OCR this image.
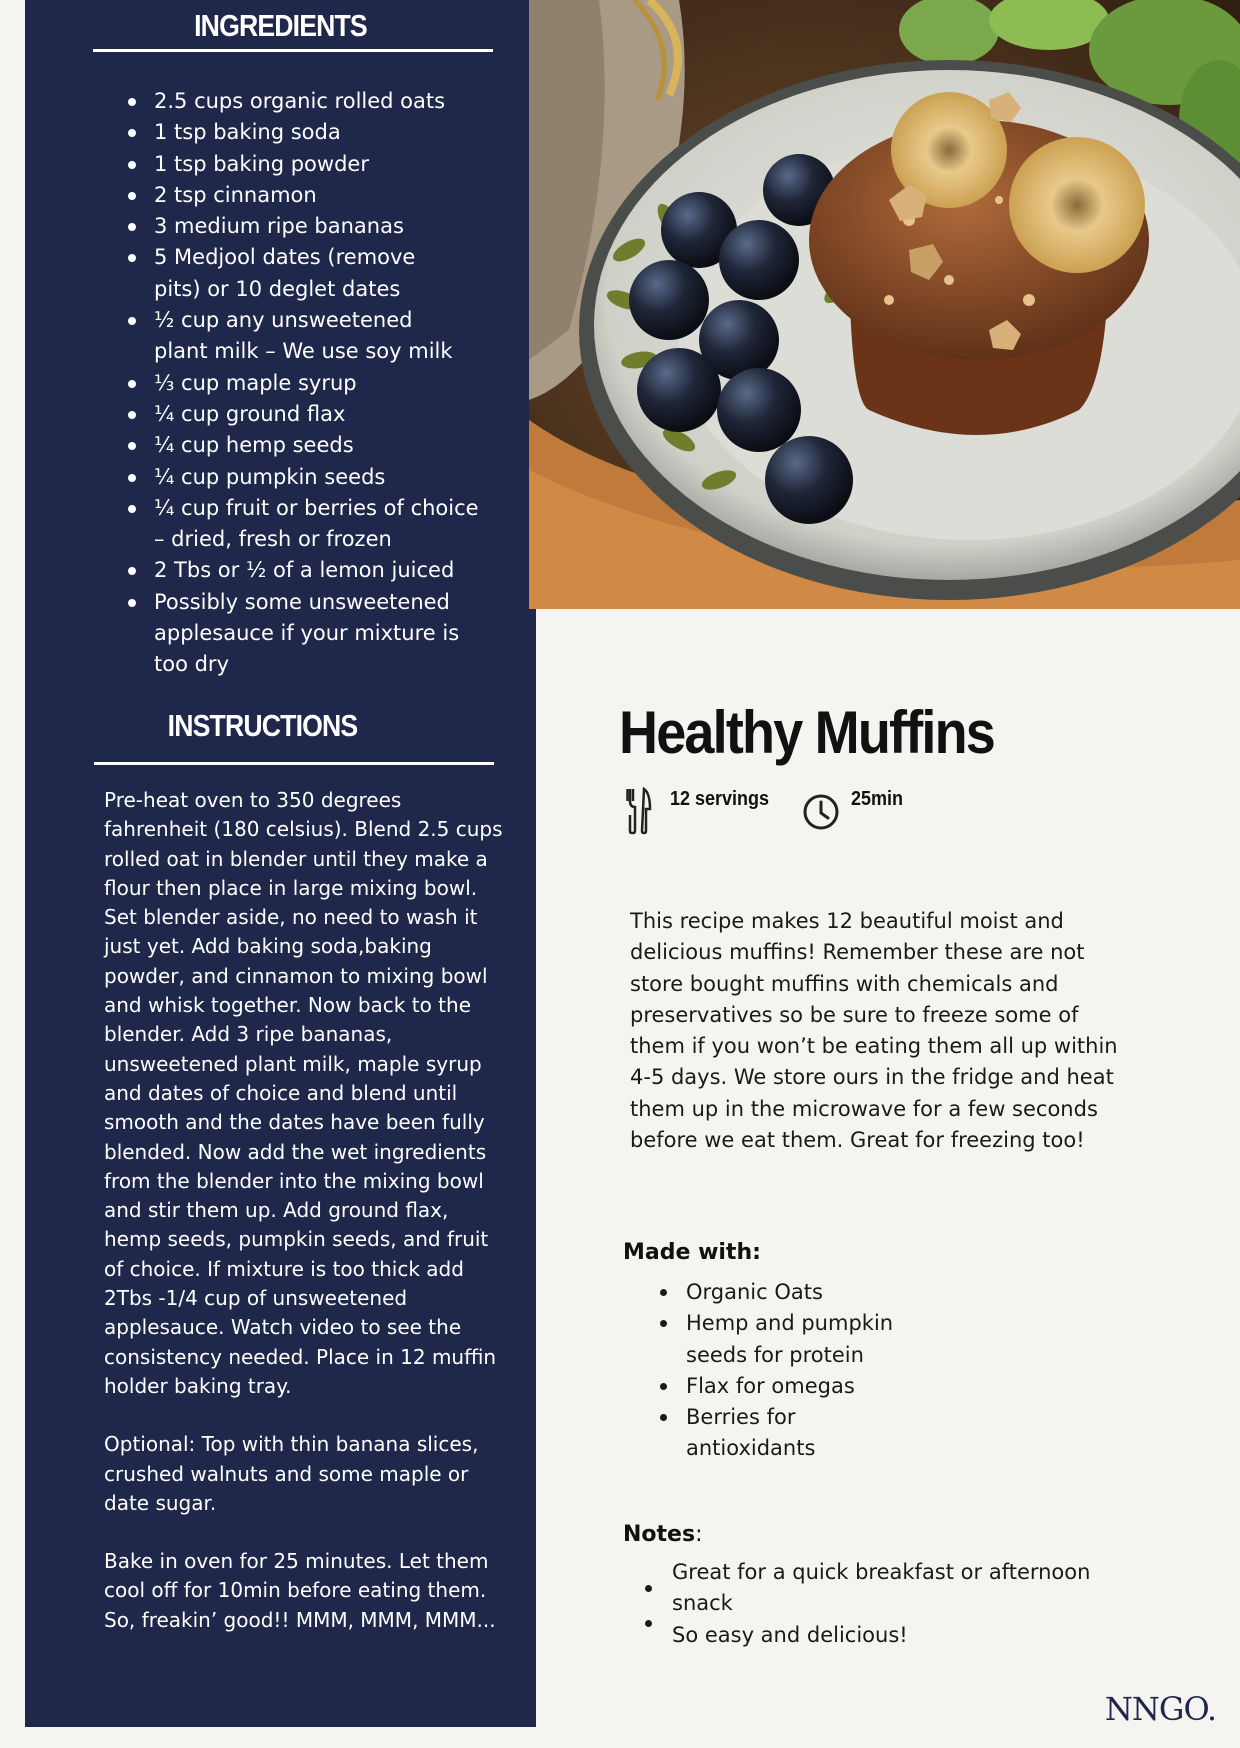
INGREDIENTS
2.5 cups organic rolled oats
1 tsp baking soda
1 tsp baking powder
2 tsp cinnamon
3 medium ripe bananas
5 Medjool dates (remove pits) or 10 deglet dates
½ cup any unsweetened plant milk – We use soy milk
⅓ cup maple syrup
¼ cup ground flax
¼ cup hemp seeds
¼ cup pumpkin seeds
¼ cup fruit or berries of choice – dried, fresh or frozen
2 Tbs or ½ of a lemon juiced
Possibly some unsweetened applesauce if your mixture is too dry
INSTRUCTIONS

Pre-heat oven to 350 degrees fahrenheit (180 celsius). Blend 2.5 cups rolled oat in blender until they make a flour then place in large mixing bowl. Set blender aside, no need to wash it just yet. Add baking soda,baking powder, and cinnamon to mixing bowl and whisk together. Now back to the blender. Add 3 ripe bananas, unsweetened plant milk, maple syrup and dates of choice and blend until smooth and the dates have been fully blended. Now add the wet ingredients from the blender into the mixing bowl and stir them up. Add ground flax, hemp seeds, pumpkin seeds, and fruit of choice. If mixture is too thick add 2Tbs -1/4 cup of unsweetened applesauce. Watch video to see the consistency needed. Place in 12 muffin holder baking tray.

Optional: Top with thin banana slices, crushed walnuts and some maple or date sugar.

Bake in oven for 25 minutes. Let them cool off for 10min before eating them. So, freakin’ good!! MMM, MMM, MMM...

Healthy Muffins
12 servings	25min
This recipe makes 12 beautiful moist and delicious muffins! Remember these are not store bought muffins with chemicals and preservatives so be sure to freeze some of them if you won’t be eating them all up within 4-5 days. We store ours in the fridge and heat them up in the microwave for a few seconds before we eat them. Great for freezing too!
Made with:
Organic Oats
Hemp and pumpkin seeds for protein
Flax for omegas
Berries for antioxidants
Notes:
Great for a quick breakfast or afternoon snack
So easy and delicious!
NNGO.
